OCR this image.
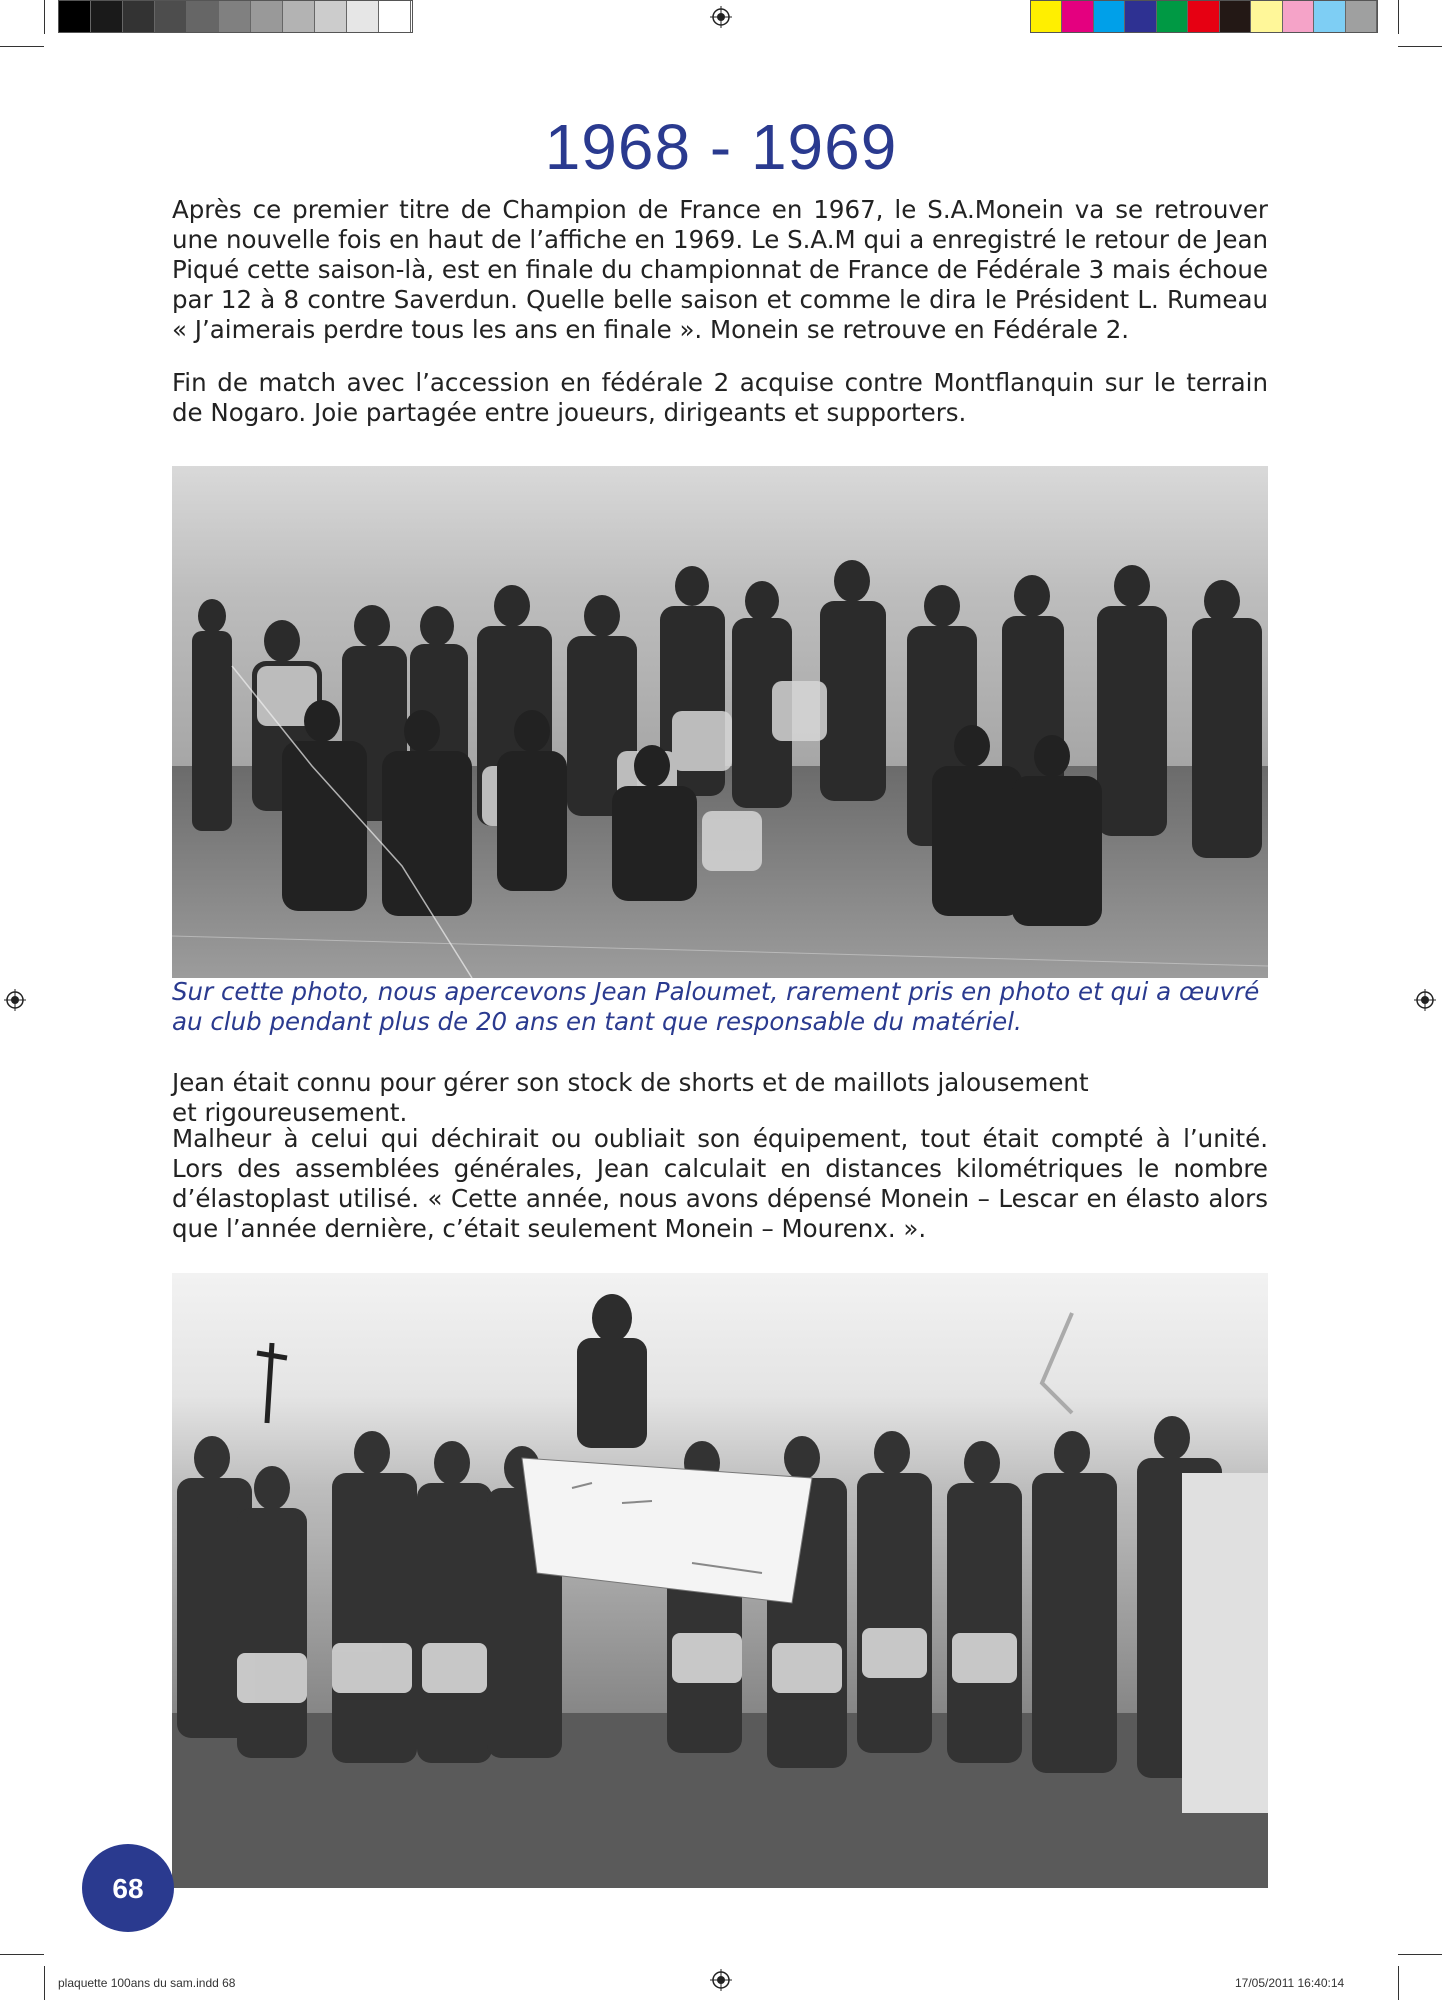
1968 - 1969
Après ce premier titre de Champion de France en 1967, le S.A.Monein va se retrouver une nouvelle fois en haut de l’affiche en 1969. Le S.A.M qui a enregistré le retour de Jean Piqué cette saison-là, est en finale du championnat de France de Fédérale 3 mais échoue par 12 à 8 contre Saverdun. Quelle belle saison et comme le dira le Président L. Rumeau « J’aimerais perdre tous les ans en finale ». Monein se retrouve en Fédérale 2.
Fin de match avec l’accession en fédérale 2 acquise contre Montflanquin sur le terrain de Nogaro. Joie partagée entre joueurs, dirigeants et supporters.
Sur cette photo, nous apercevons Jean Paloumet, rarement pris en photo et qui a œuvré au club pendant plus de 20 ans en tant que responsable du matériel.
Jean était connu pour gérer son stock de shorts et de maillots jalousement et rigoureusement.
Malheur à celui qui déchirait ou oubliait son équipement, tout était compté à l’unité. Lors des assemblées générales, Jean calculait en distances kilométriques le nombre d’élastoplast utilisé. « Cette année, nous avons dépensé Monein – Lescar en élasto alors que l’année dernière, c’était seulement Monein – Mourenx. ».
68
plaquette 100ans du sam.indd 68	17/05/2011 16:40:14
